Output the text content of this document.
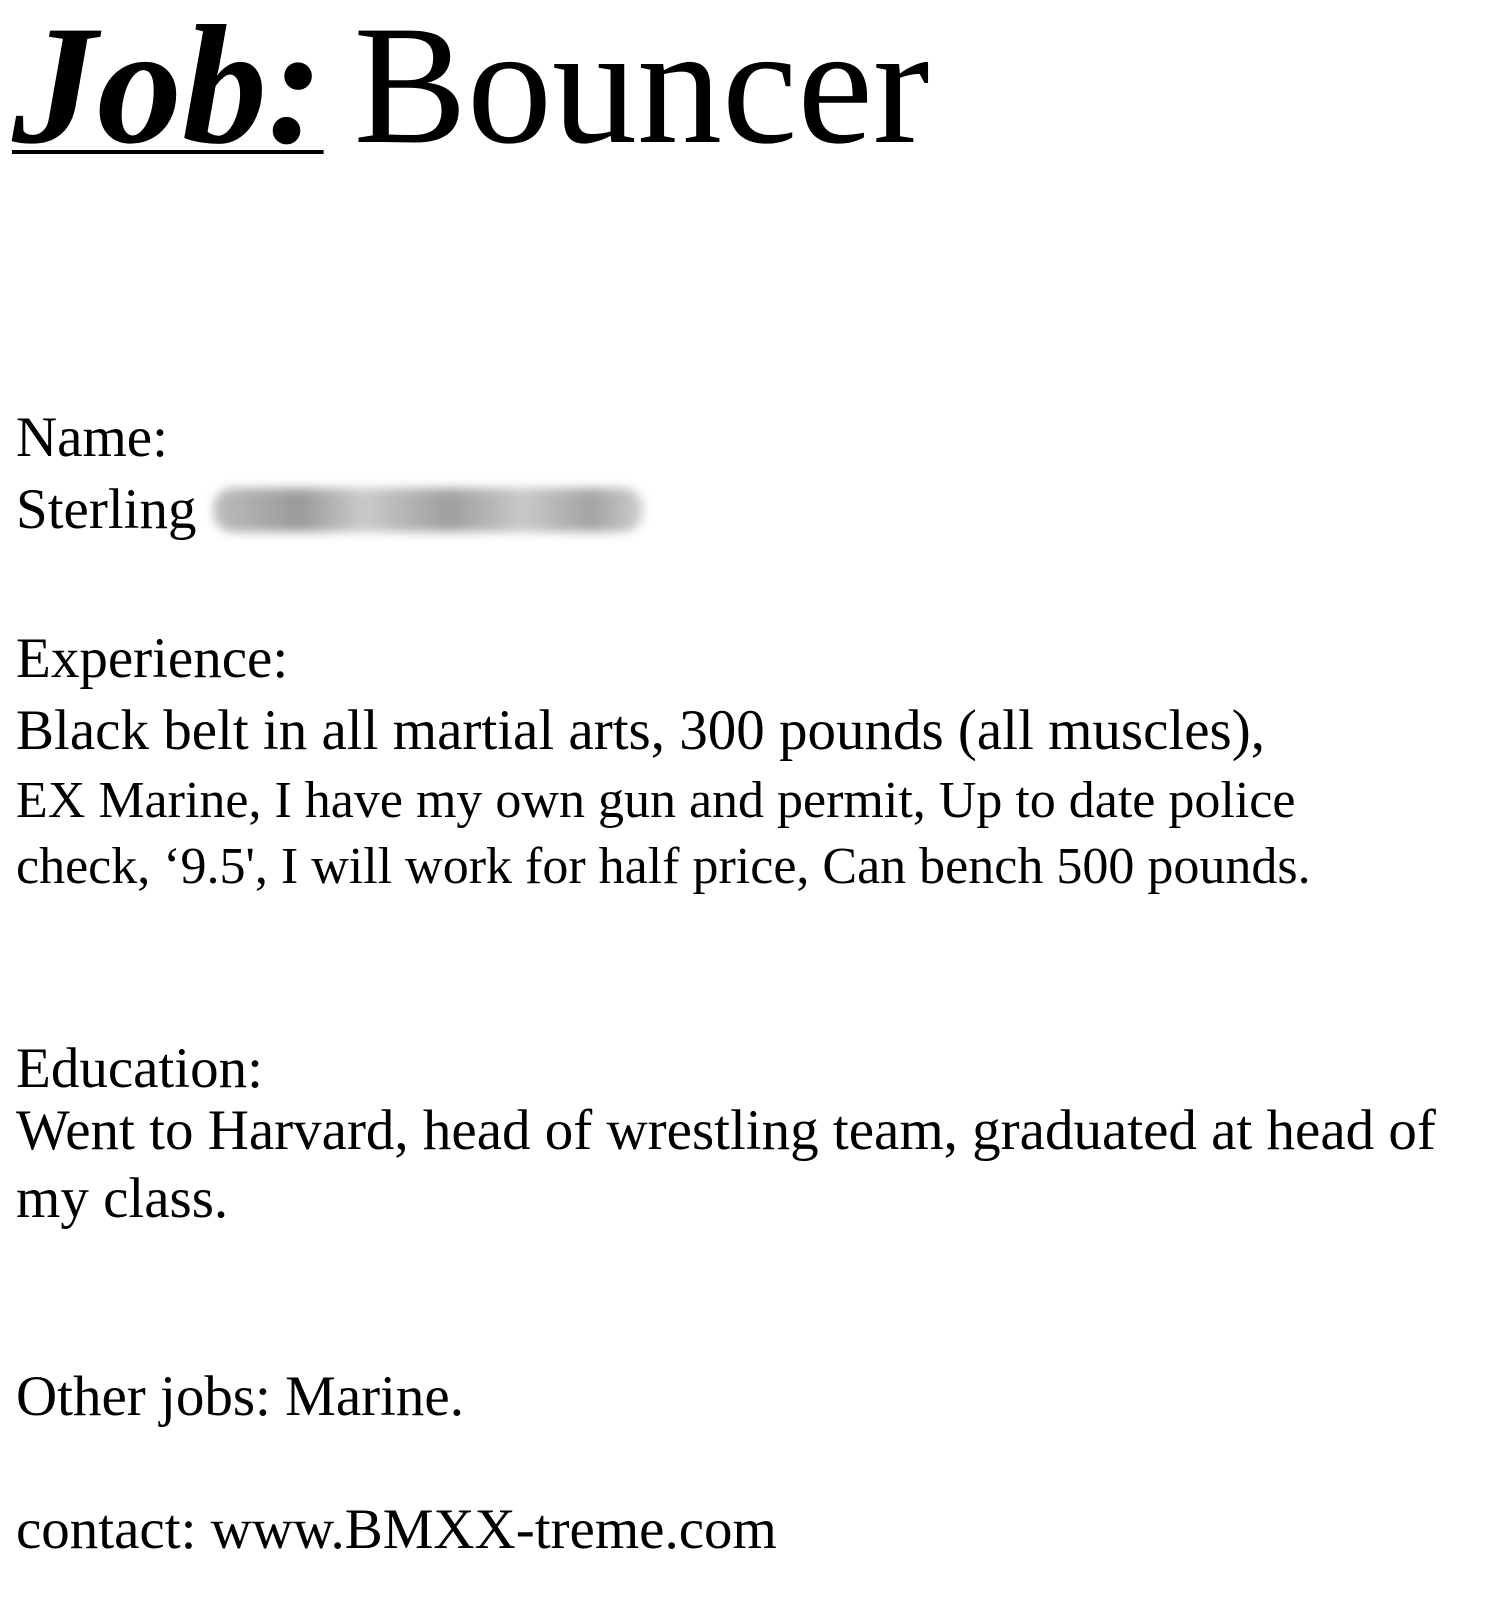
Job: Bouncer
Name:
Sterling
Experience:
Black belt in all martial arts, 300 pounds (all muscles),
EX Marine, I have my own gun and permit, Up to date police
check, ‘9.5', I will work for half price, Can bench 500 pounds.
Education:
Went to Harvard, head of wrestling team, graduated at head of
my class.
Other jobs: Marine.
contact: www.BMXX-treme.com
